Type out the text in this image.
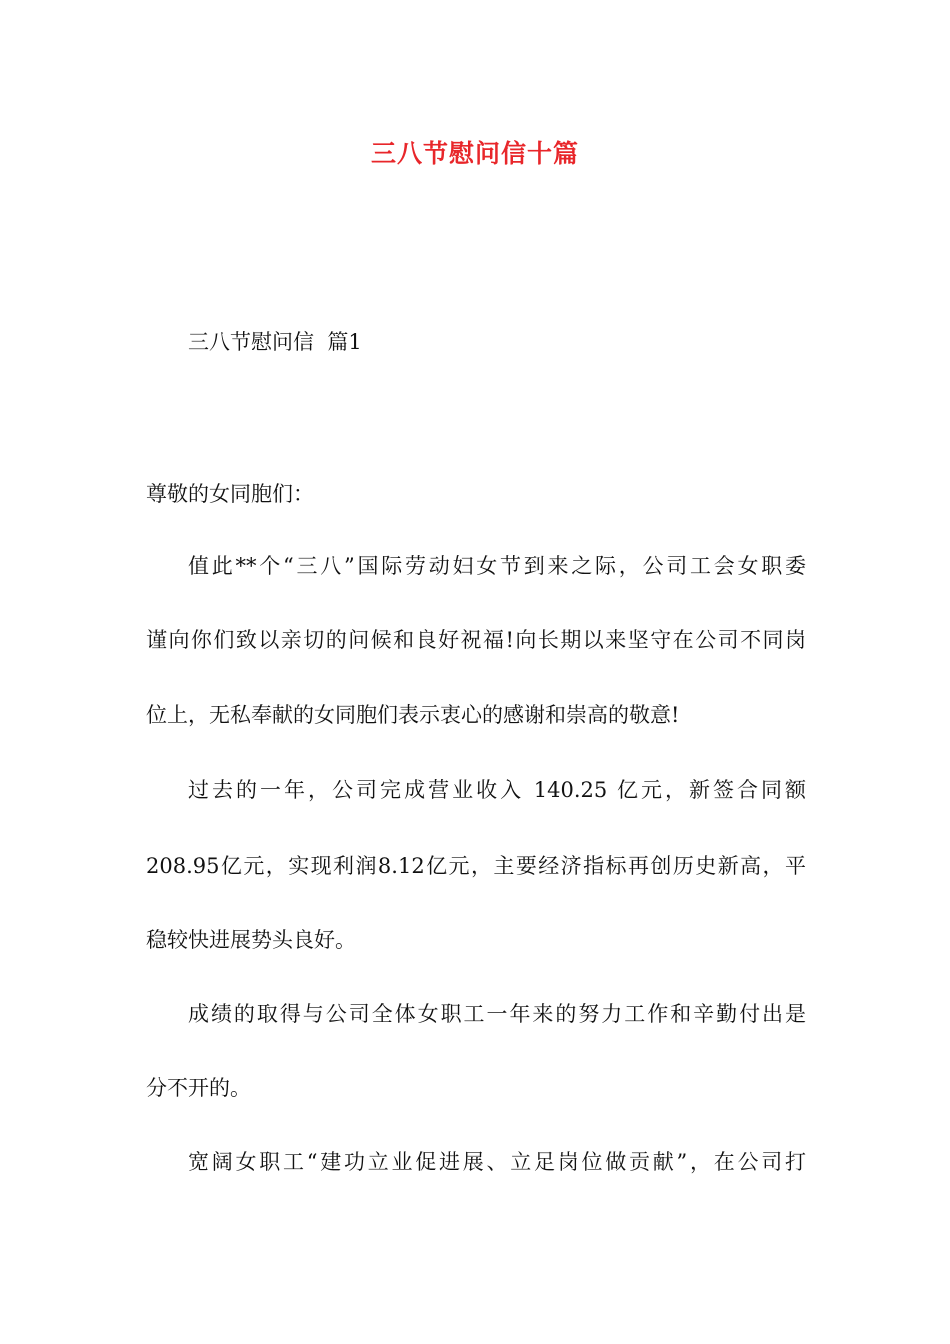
三八节慰问信十篇

三八节慰问信  篇1

尊敬的女同胞们：

值此**个“三八”国际劳动妇女节到来之际，公司工会女职委

谨向你们致以亲切的问候和良好祝福!向长期以来坚守在公司不同岗

位上，无私奉献的女同胞们表示衷心的感谢和崇高的敬意!

过去的一年，公司完成营业收入 140.25 亿元，新签合同额

208.95亿元，实现利润8.12亿元，主要经济指标再创历史新高，平

稳较快进展势头良好。

成绩的取得与公司全体女职工一年来的努力工作和辛勤付出是

分不开的。

宽阔女职工“建功立业促进展、立足岗位做贡献”，在公司打
